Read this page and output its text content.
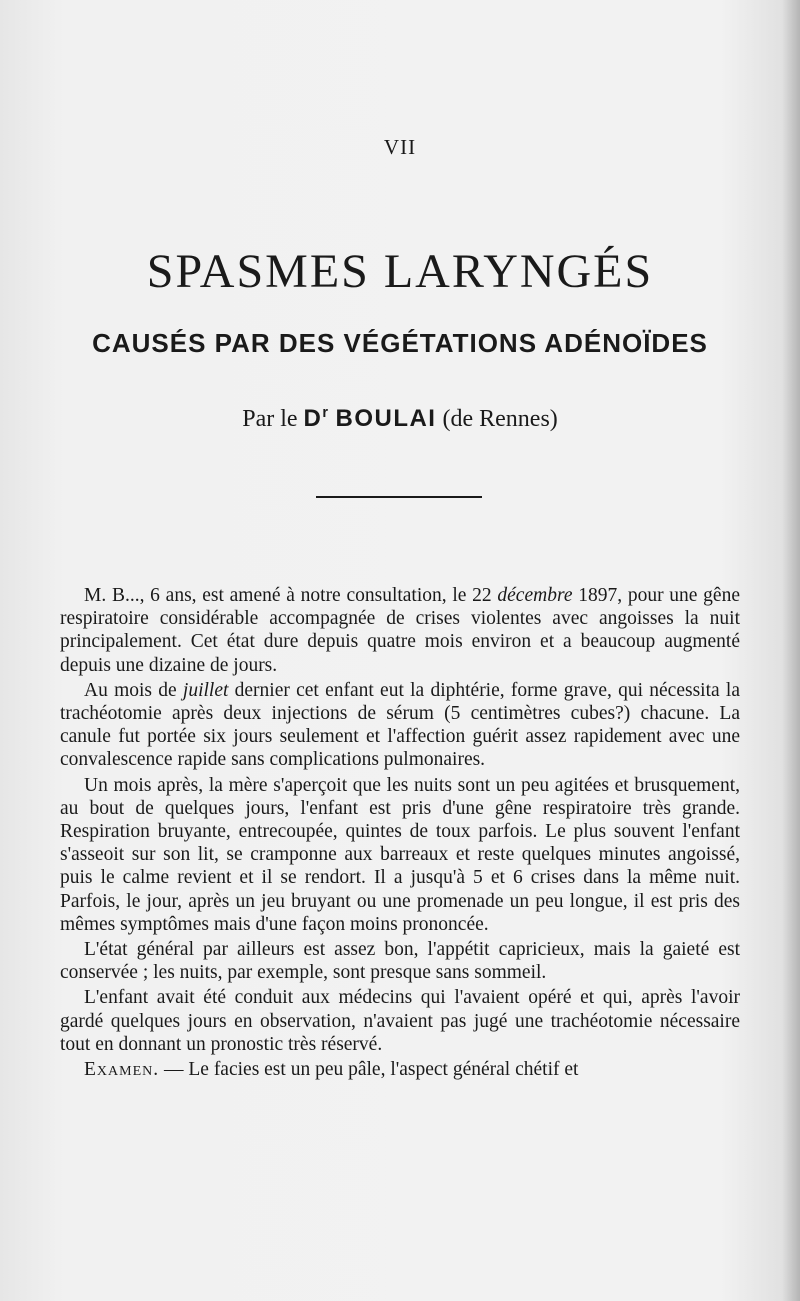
VII
SPASMES LARYNGÉS
CAUSÉS PAR DES VÉGÉTATIONS ADÉNOÏDES
Par le $D^r$ BOULAI (de Rennes)

M. B..., 6 ans, est amené à notre consultation, le 22 décembre 1897, pour une gêne respiratoire considérable accompagnée de crises violentes avec angoisses la nuit principalement. Cet état dure depuis quatre mois environ et a beaucoup augmenté depuis une dizaine de jours.

Au mois de juillet dernier cet enfant eut la diphtérie, forme grave, qui nécessita la trachéotomie après deux injections de sérum (5 centimètres cubes?) chacune. La canule fut portée six jours seulement et l'affection guérit assez rapidement avec une convalescence rapide sans complications pulmonaires.

Un mois après, la mère s'aperçoit que les nuits sont un peu agitées et brusquement, au bout de quelques jours, l'enfant est pris d'une gêne respiratoire très grande. Respiration bruyante, entrecoupée, quintes de toux parfois. Le plus souvent l'enfant s'asseoit sur son lit, se cramponne aux barreaux et reste quelques minutes angoissé, puis le calme revient et il se rendort. Il a jusqu'à 5 et 6 crises dans la même nuit. Parfois, le jour, après un jeu bruyant ou une promenade un peu longue, il est pris des mêmes symptômes mais d'une façon moins prononcée.

L'état général par ailleurs est assez bon, l'appétit capricieux, mais la gaieté est conservée ; les nuits, par exemple, sont presque sans sommeil.

L'enfant avait été conduit aux médecins qui l'avaient opéré et qui, après l'avoir gardé quelques jours en observation, n'avaient pas jugé une trachéotomie nécessaire tout en donnant un pronostic très réservé.

Examen. — Le facies est un peu pâle, l'aspect général chétif et
